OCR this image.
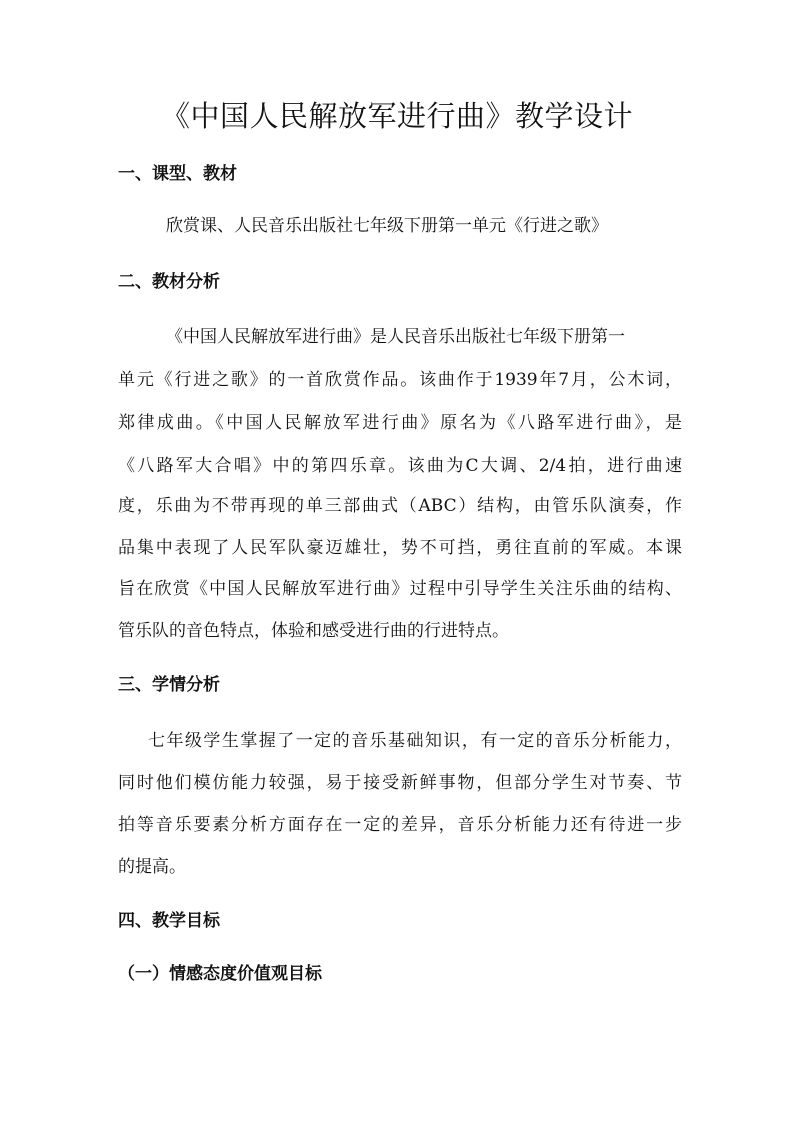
《中国人民解放军进行曲》教学设计
一、课型、教材
欣赏课、人民音乐出版社七年级下册第一单元《行进之歌》
二、教材分析
《中国人民解放军进行曲》是人民音乐出版社七年级下册第一
单元《行进之歌》的一首欣赏作品。该曲作于1939年7月，公木词，
郑律成曲。《中国人民解放军进行曲》原名为《八路军进行曲》，是
《八路军大合唱》中的第四乐章。该曲为C大调、2/4拍，进行曲速
度，乐曲为不带再现的单三部曲式（ABC）结构，由管乐队演奏，作
品集中表现了人民军队豪迈雄壮，势不可挡，勇往直前的军威。本课
旨在欣赏《中国人民解放军进行曲》过程中引导学生关注乐曲的结构、
管乐队的音色特点，体验和感受进行曲的行进特点。
三、学情分析
七年级学生掌握了一定的音乐基础知识，有一定的音乐分析能力，
同时他们模仿能力较强，易于接受新鲜事物，但部分学生对节奏、节
拍等音乐要素分析方面存在一定的差异，音乐分析能力还有待进一步
的提高。
四、教学目标
（一）情感态度价值观目标
